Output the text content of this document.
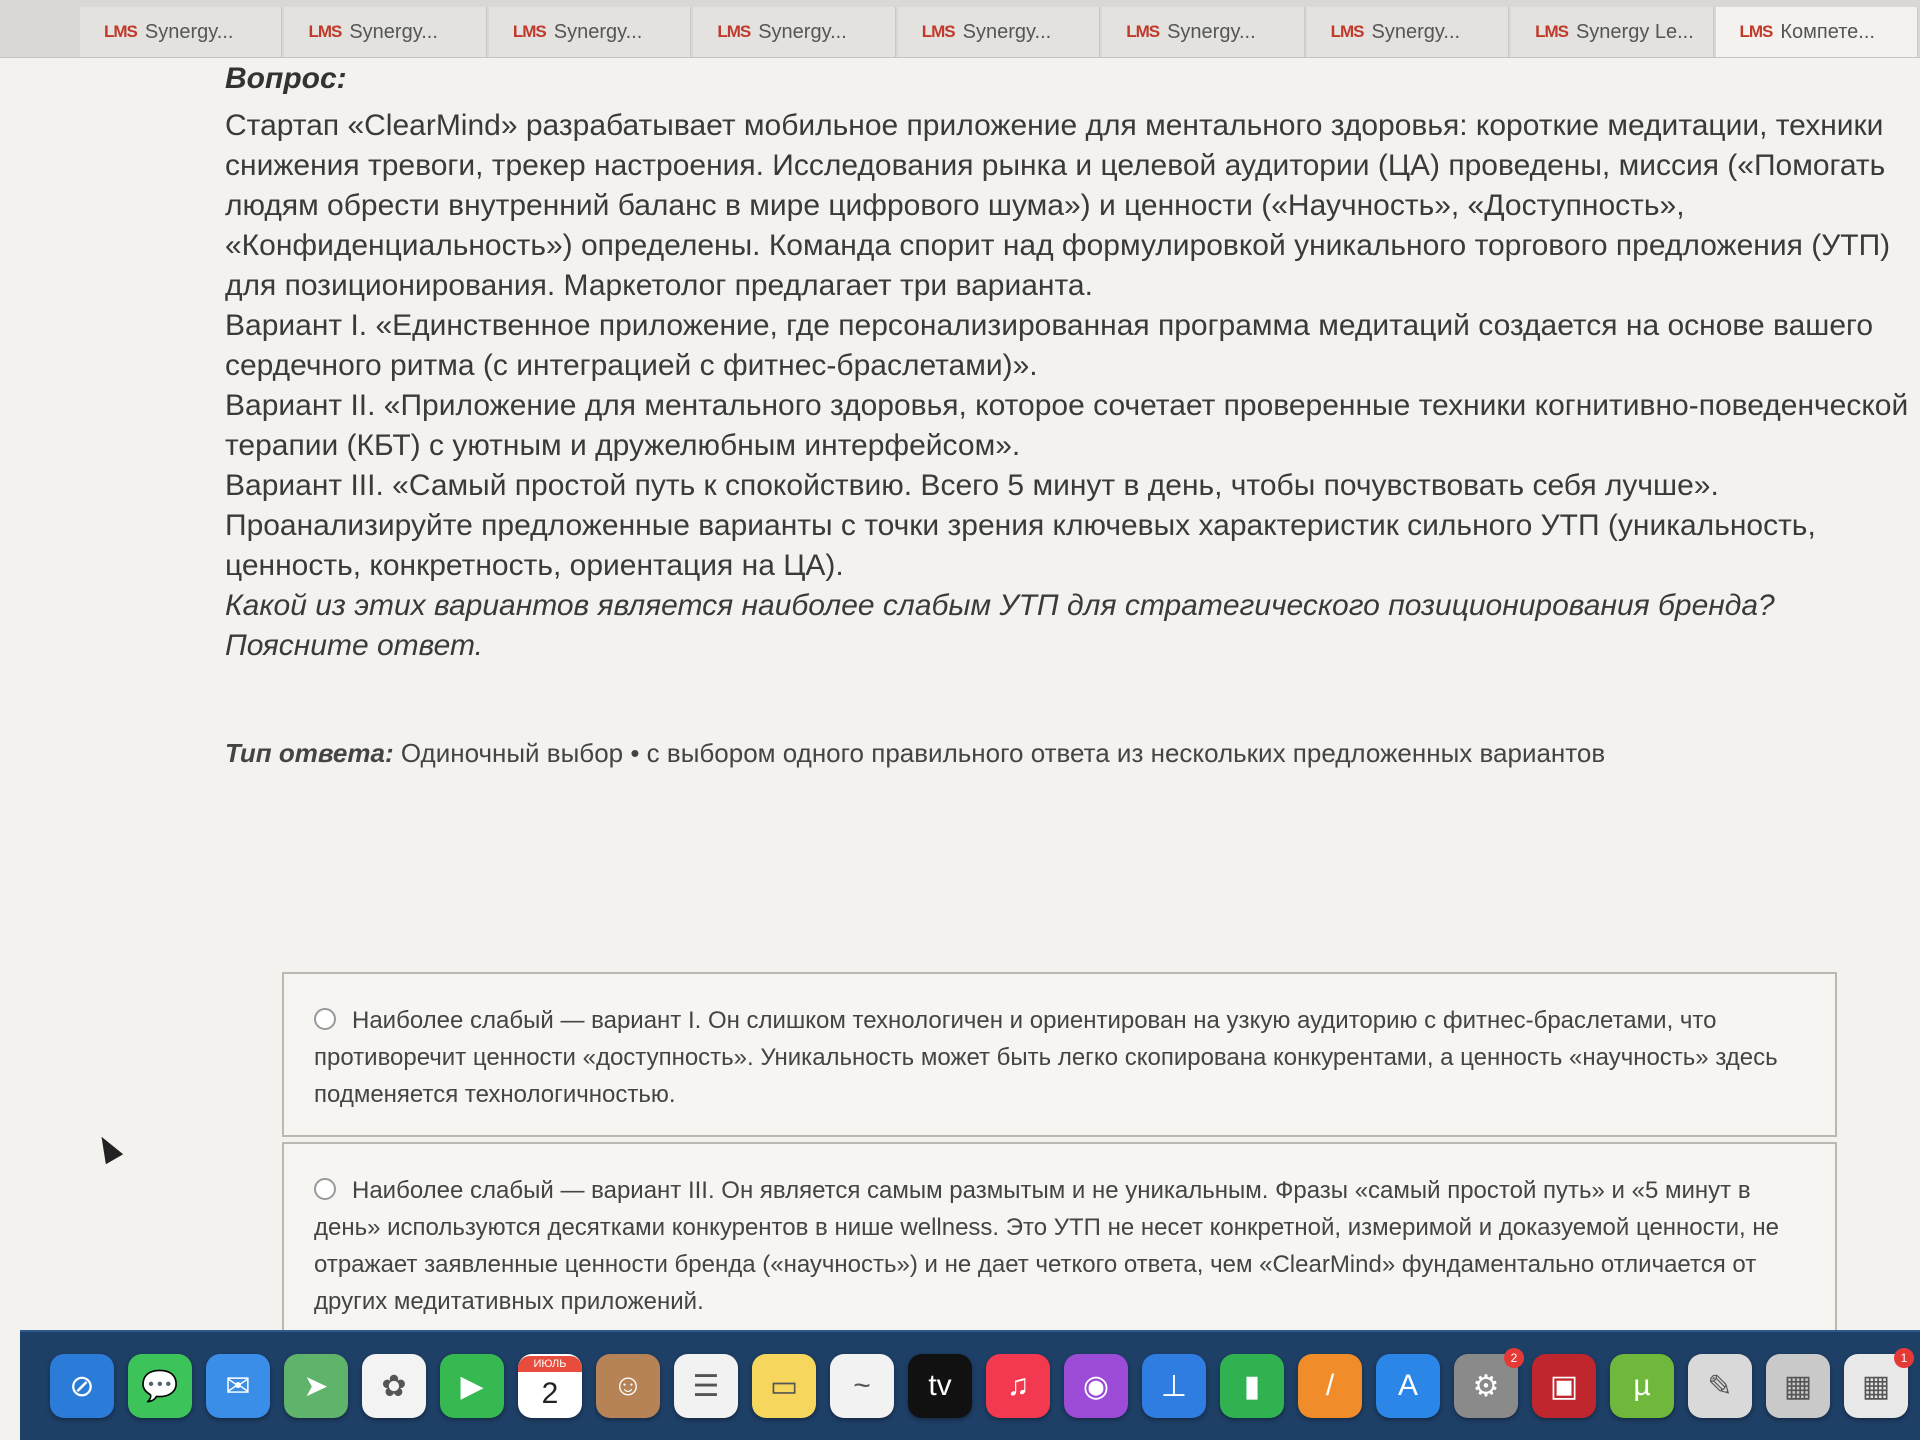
LMS Synergy...	LMS Synergy...	LMS Synergy...	LMS Synergy...	LMS Synergy...	LMS Synergy...	LMS Synergy...	LMS Synergy Le...	LMS Компете...
Вопрос:

Стартап «ClearMind» разрабатывает мобильное приложение для ментального здоровья: короткие медитации, техники снижения тревоги, трекер настроения. Исследования рынка и целевой аудитории (ЦА) проведены, миссия («Помогать людям обрести внутренний баланс в мире цифрового шума») и ценности («Научность», «Доступность», «Конфиденциальность») определены. Команда спорит над формулировкой уникального торгового предложения (УТП) для позиционирования. Маркетолог предлагает три варианта.

Вариант I. «Единственное приложение, где персонализированная программа медитаций создается на основе вашего сердечного ритма (с интеграцией с фитнес-браслетами)».

Вариант II. «Приложение для ментального здоровья, которое сочетает проверенные техники когнитивно-поведенческой терапии (КБТ) с уютным и дружелюбным интерфейсом».

Вариант III. «Самый простой путь к спокойствию. Всего 5 минут в день, чтобы почувствовать себя лучше».

Проанализируйте предложенные варианты с точки зрения ключевых характеристик сильного УТП (уникальность, ценность, конкретность, ориентация на ЦА).

Какой из этих вариантов является наиболее слабым УТП для стратегического позиционирования бренда? Поясните ответ.

Тип ответа: Одиночный выбор • с выбором одного правильного ответа из нескольких предложенных вариантов
Наиболее слабый — вариант I. Он слишком технологичен и ориентирован на узкую аудиторию с фитнес-браслетами, что противоречит ценности «доступность». Уникальность может быть легко скопирована конкурентами, а ценность «научность» здесь подменяется технологичностью.
Наиболее слабый — вариант III. Он является самым размытым и не уникальным. Фразы «самый простой путь» и «5 минут в день» используются десятками конкурентов в нише wellness. Это УТП не несет конкретной, измеримой и доказуемой ценности, не отражает заявленные ценности бренда («научность») и не дает четкого ответа, чем «ClearMind» фундаментально отличается от других медитативных приложений.
⊘ 💬 ✉ ➤ ✿ ▶
ИЮЛЬ
2 ☺ ☰ ▭ ~ tv ♫ ◉ ⊥ ▮ / A ⚙
2
▣ µ ✎ ▦ ▦
1
